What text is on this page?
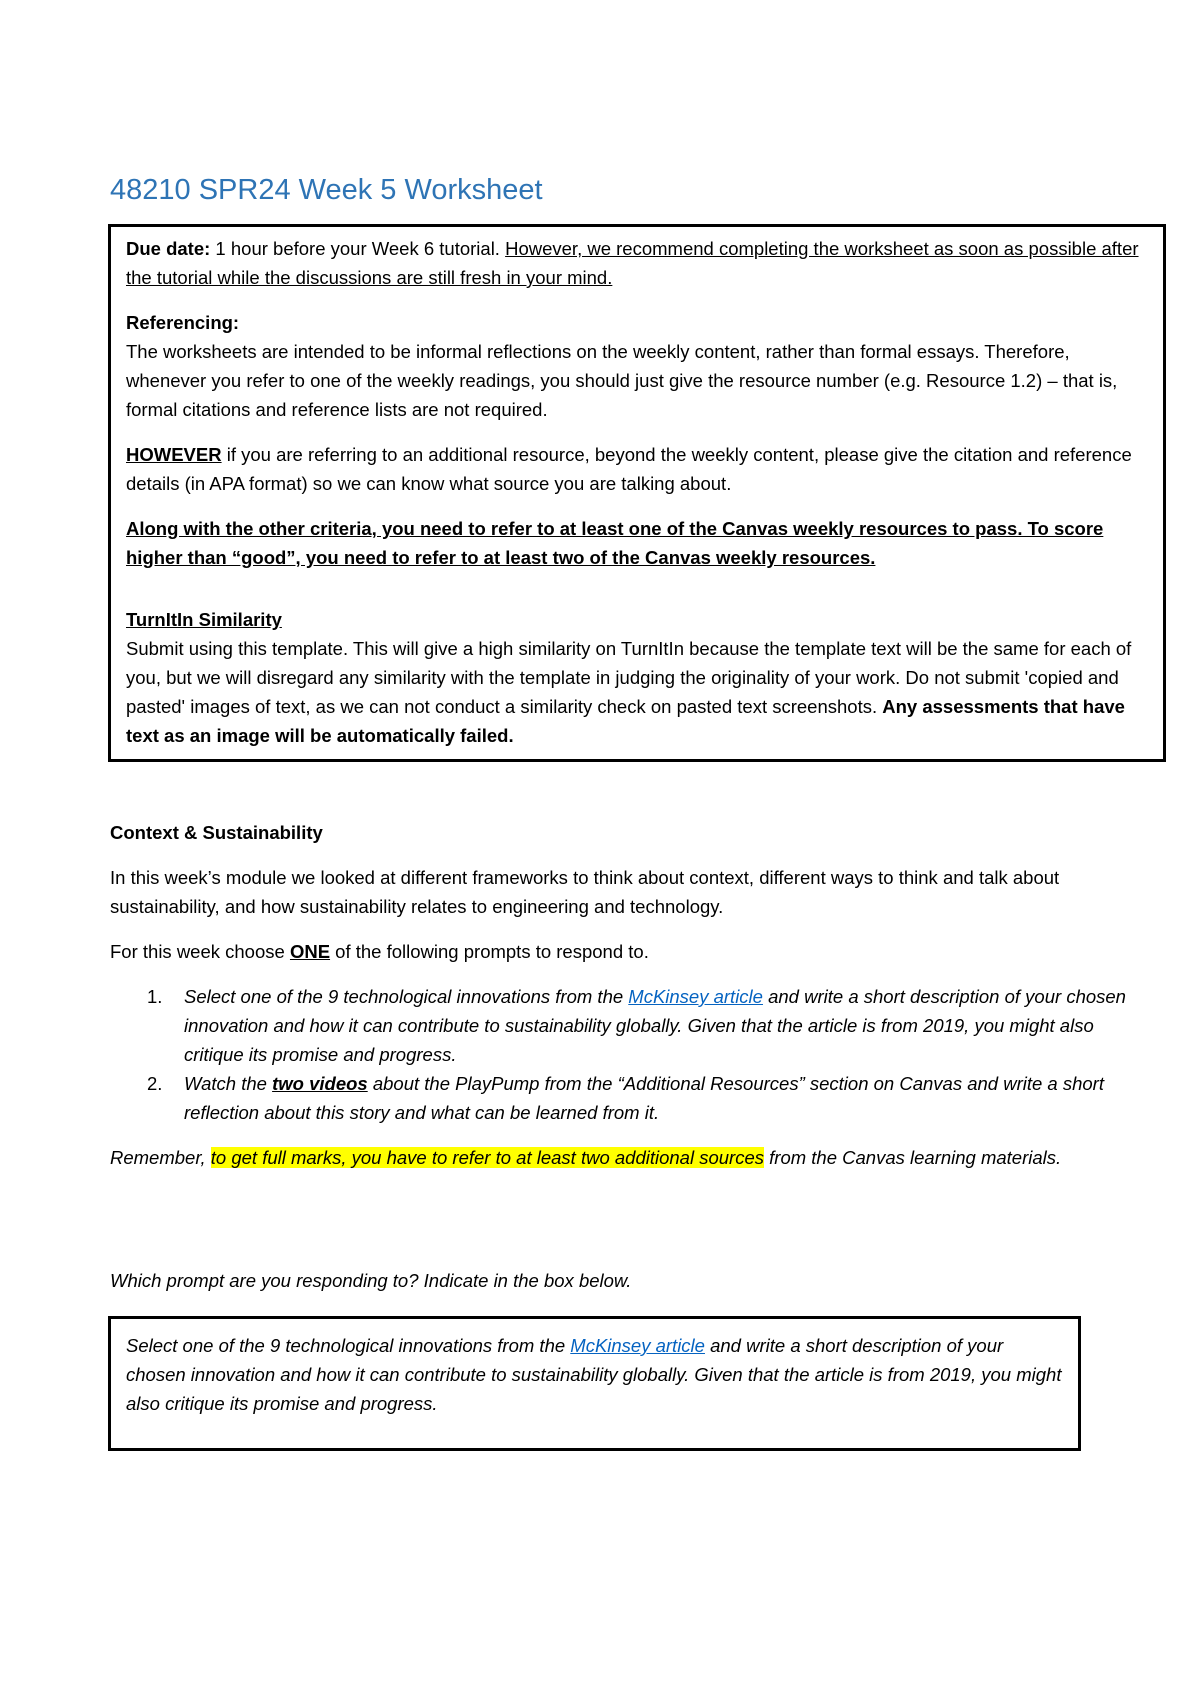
48210 SPR24 Week 5 Worksheet

Due date: 1 hour before your Week 6 tutorial. However, we recommend completing the worksheet as soon as possible after the tutorial while the discussions are still fresh in your mind.

Referencing:

The worksheets are intended to be informal reflections on the weekly content, rather than formal essays. Therefore, whenever you refer to one of the weekly readings, you should just give the resource number (e.g. Resource 1.2) – that is, formal citations and reference lists are not required.

HOWEVER if you are referring to an additional resource, beyond the weekly content, please give the citation and reference details (in APA format) so we can know what source you are talking about.

Along with the other criteria, you need to refer to at least one of the Canvas weekly resources to pass. To score higher than “good”, you need to refer to at least two of the Canvas weekly resources.

TurnItIn Similarity

Submit using this template. This will give a high similarity on TurnItIn because the template text will be the same for each of you, but we will disregard any similarity with the template in judging the originality of your work. Do not submit 'copied and pasted' images of text, as we can not conduct a similarity check on pasted text screenshots. Any assessments that have text as an image will be automatically failed.

Context & Sustainability

In this week’s module we looked at different frameworks to think about context, different ways to think and talk about sustainability, and how sustainability relates to engineering and technology.

For this week choose ONE of the following prompts to respond to.

1. Select one of the 9 technological innovations from the McKinsey article and write a short description of your chosen innovation and how it can contribute to sustainability globally. Given that the article is from 2019, you might also critique its promise and progress.
2. Watch the two videos about the PlayPump from the “Additional Resources” section on Canvas and write a short reflection about this story and what can be learned from it.

Remember, to get full marks, you have to refer to at least two additional sources from the Canvas learning materials.

Which prompt are you responding to? Indicate in the box below.

Select one of the 9 technological innovations from the McKinsey article and write a short description of your chosen innovation and how it can contribute to sustainability globally. Given that the article is from 2019, you might also critique its promise and progress.
